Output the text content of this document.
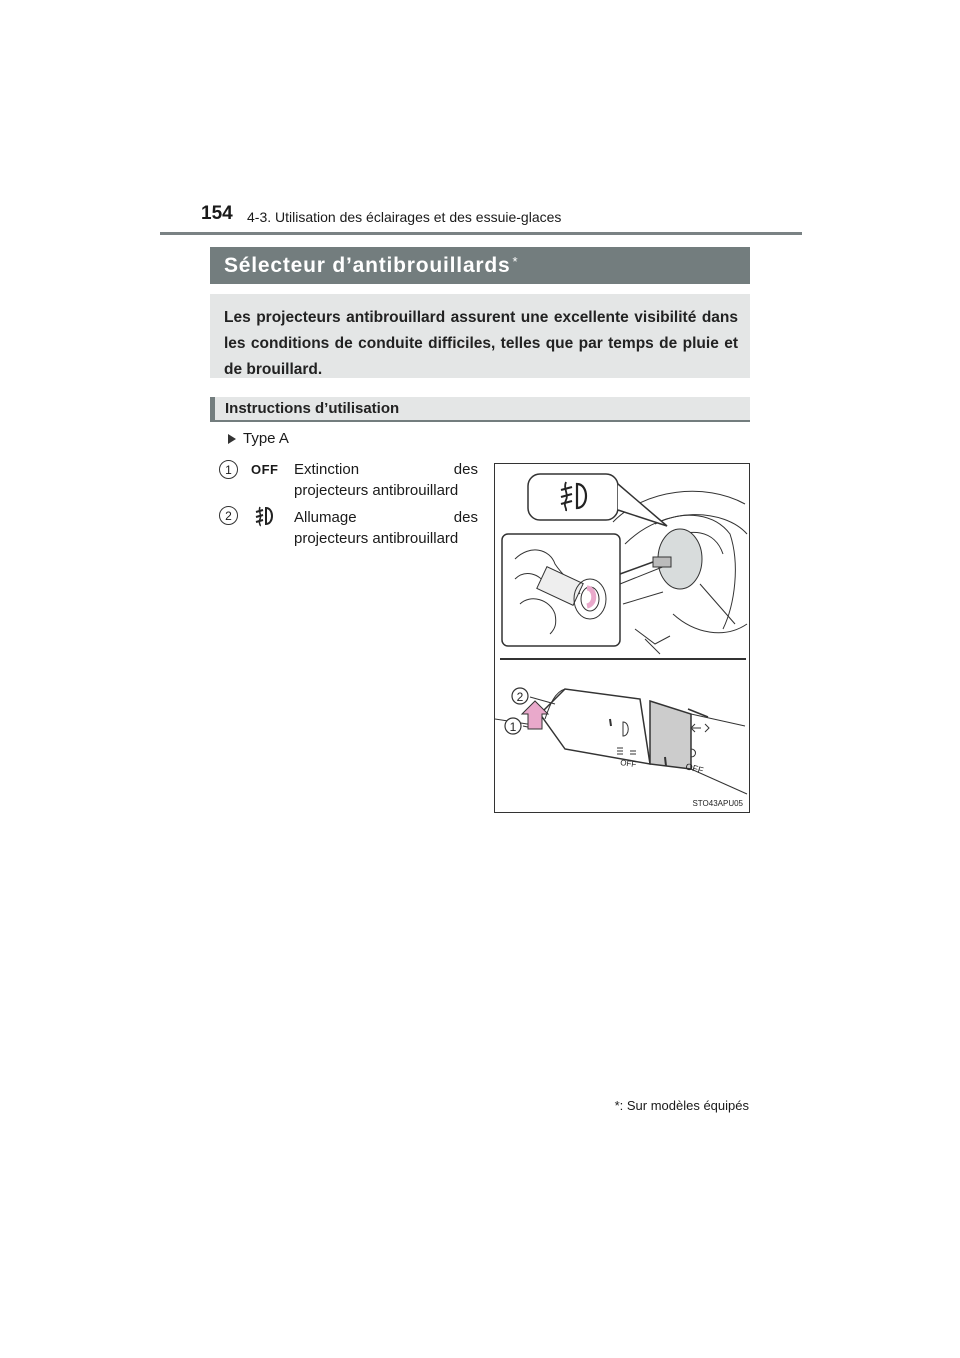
154 4-3. Utilisation des éclairages et des essuie-glaces
Sélecteur d’antibrouillards*
Les projecteurs antibrouillard assurent une excellente visibilité dans les conditions de conduite difficiles, telles que par temps de pluie et de brouillard.
Instructions d’utilisation
Type A
1	OFF Extinction des
projecteurs antibrouillard
2	Allumage des
projecteurs antibrouillard
2
1
OFF
OFF
STO43APU05
*: Sur modèles équipés
